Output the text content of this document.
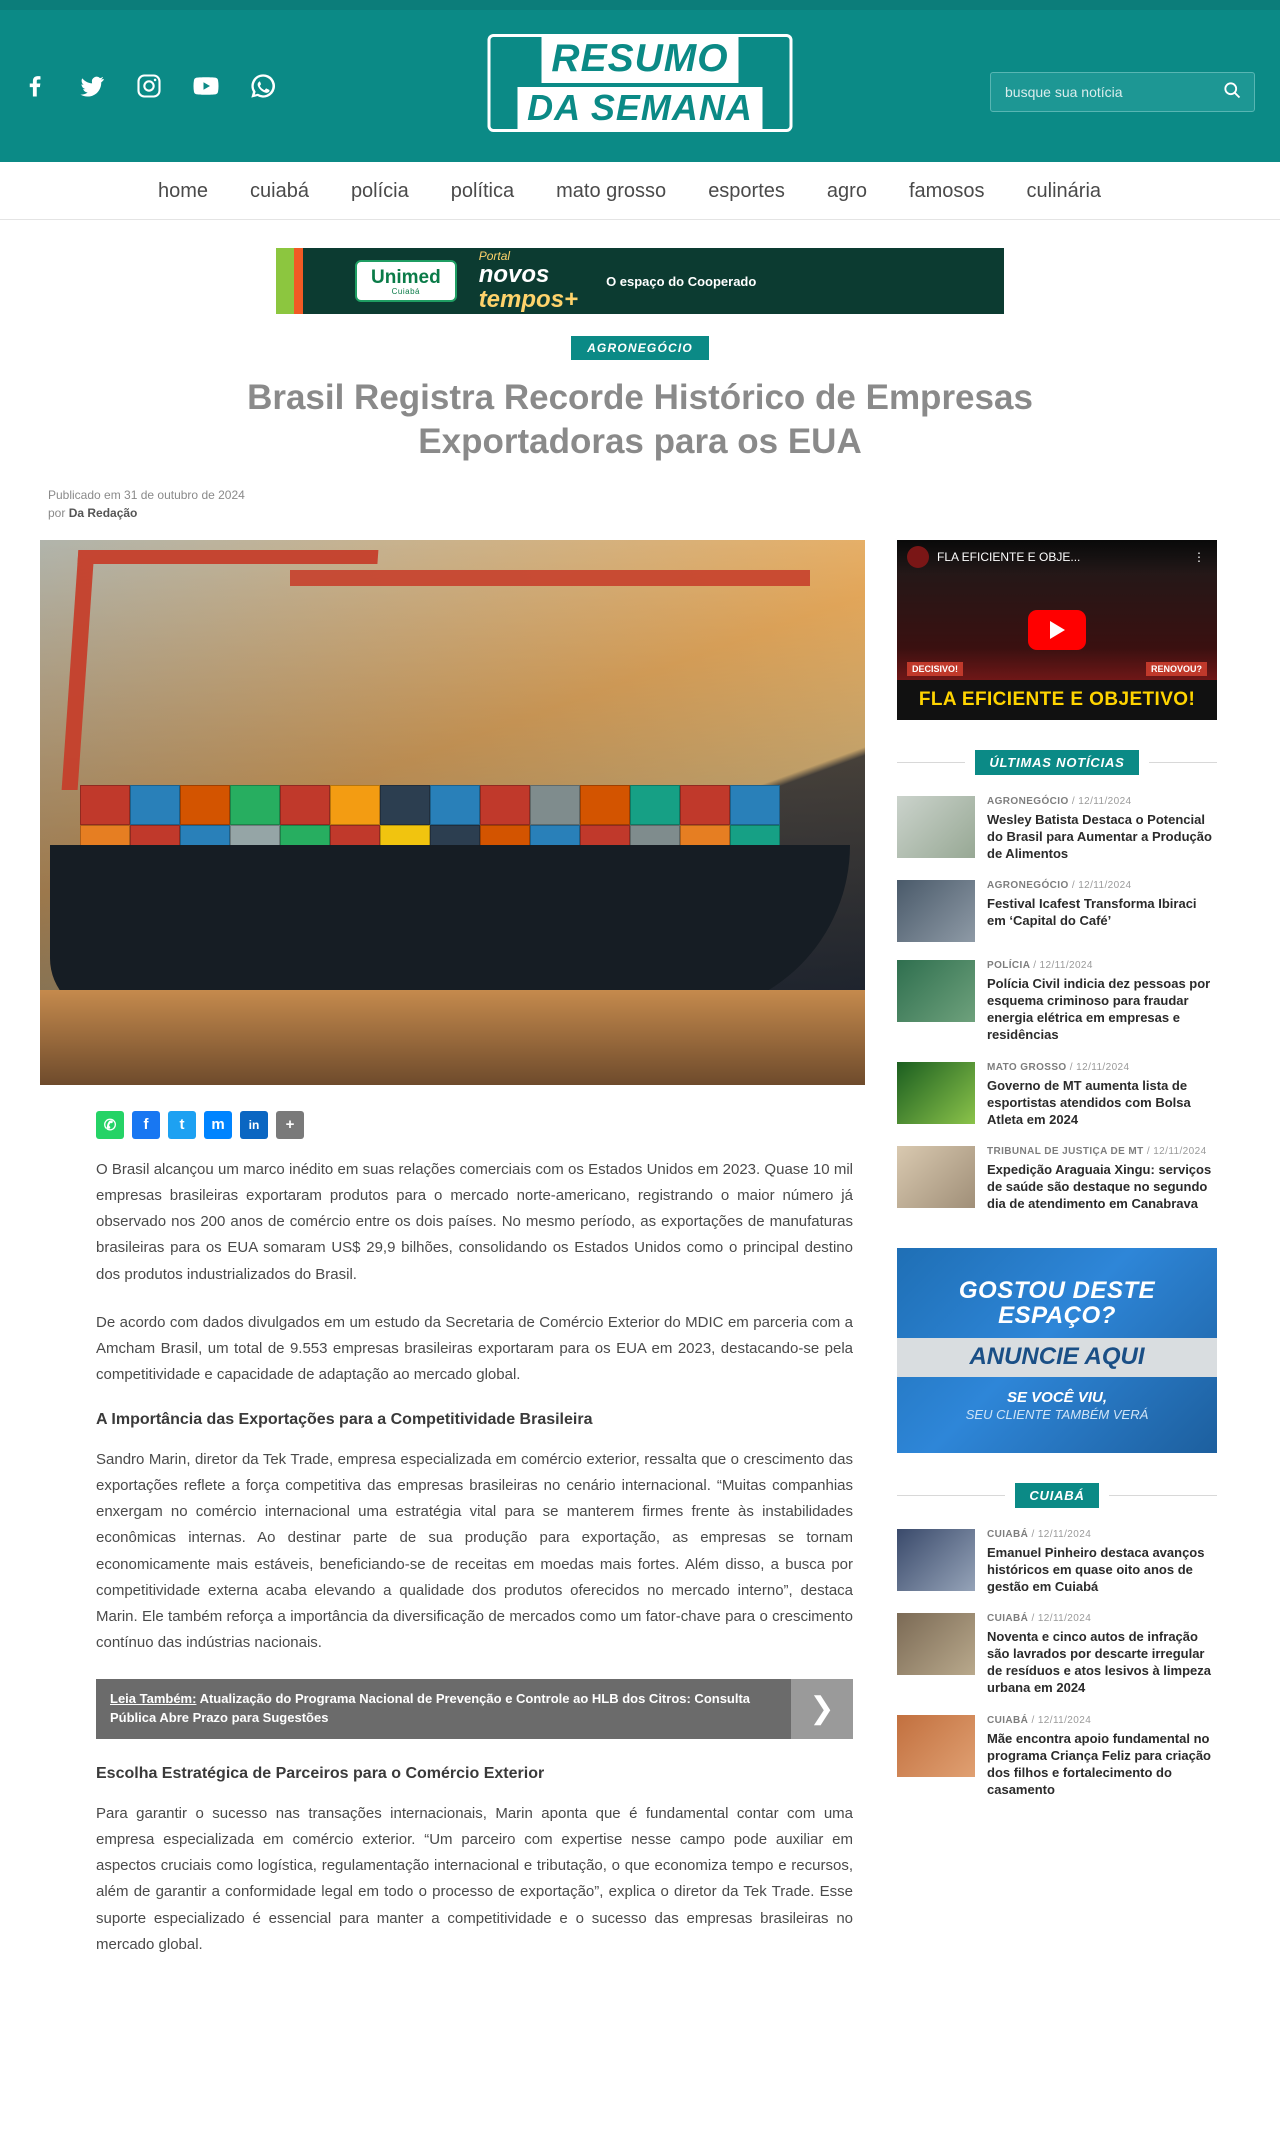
RESUMO
DA SEMANA
busque sua notícia
home	cuiabá	polícia	política	mato grosso	esportes	agro	famosos	culinária
Unimed
Cuiabá
Portal
novos
tempos+
O espaço do Cooperado
AGRONEGÓCIO
Brasil Registra Recorde Histórico de Empresas Exportadoras para os EUA
Publicado em 31 de outubro de 2024
por Da Redação
✆	f	t	m	in	+

O Brasil alcançou um marco inédito em suas relações comerciais com os Estados Unidos em 2023. Quase 10 mil empresas brasileiras exportaram produtos para o mercado norte-americano, registrando o maior número já observado nos 200 anos de comércio entre os dois países. No mesmo período, as exportações de manufaturas brasileiras para os EUA somaram US$ 29,9 bilhões, consolidando os Estados Unidos como o principal destino dos produtos industrializados do Brasil.

De acordo com dados divulgados em um estudo da Secretaria de Comércio Exterior do MDIC em parceria com a Amcham Brasil, um total de 9.553 empresas brasileiras exportaram para os EUA em 2023, destacando-se pela competitividade e capacidade de adaptação ao mercado global.

A Importância das Exportações para a Competitividade Brasileira

Sandro Marin, diretor da Tek Trade, empresa especializada em comércio exterior, ressalta que o crescimento das exportações reflete a força competitiva das empresas brasileiras no cenário internacional. “Muitas companhias enxergam no comércio internacional uma estratégia vital para se manterem firmes frente às instabilidades econômicas internas. Ao destinar parte de sua produção para exportação, as empresas se tornam economicamente mais estáveis, beneficiando-se de receitas em moedas mais fortes. Além disso, a busca por competitividade externa acaba elevando a qualidade dos produtos oferecidos no mercado interno”, destaca Marin. Ele também reforça a importância da diversificação de mercados como um fator-chave para o crescimento contínuo das indústrias nacionais.

Leia Também: Atualização do Programa Nacional de Prevenção e Controle ao HLB dos Citros: Consulta Pública Abre Prazo para Sugestões	❯
Escolha Estratégica de Parceiros para o Comércio Exterior

Para garantir o sucesso nas transações internacionais, Marin aponta que é fundamental contar com uma empresa especializada em comércio exterior. “Um parceiro com expertise nesse campo pode auxiliar em aspectos cruciais como logística, regulamentação internacional e tributação, o que economiza tempo e recursos, além de garantir a conformidade legal em todo o processo de exportação”, explica o diretor da Tek Trade. Esse suporte especializado é essencial para manter a competitividade e o sucesso das empresas brasileiras no mercado global.

FLA EFICIENTE E OBJE...	⋮
DECISIVO!	RENOVOU?
FLA EFICIENTE E OBJETIVO!
ÚLTIMAS NOTÍCIAS
AGRONEGÓCIO / 12/11/2024
Wesley Batista Destaca o Potencial do Brasil para Aumentar a Produção de Alimentos
AGRONEGÓCIO / 12/11/2024
Festival Icafest Transforma Ibiraci em ‘Capital do Café’
POLÍCIA / 12/11/2024
Polícia Civil indicia dez pessoas por esquema criminoso para fraudar energia elétrica em empresas e residências
MATO GROSSO / 12/11/2024
Governo de MT aumenta lista de esportistas atendidos com Bolsa Atleta em 2024
TRIBUNAL DE JUSTIÇA DE MT / 12/11/2024
Expedição Araguaia Xingu: serviços de saúde são destaque no segundo dia de atendimento em Canabrava
GOSTOU DESTE ESPAÇO?
ANUNCIE AQUI
SE VOCÊ VIU,
SEU CLIENTE TAMBÉM VERÁ
CUIABÁ
CUIABÁ / 12/11/2024
Emanuel Pinheiro destaca avanços históricos em quase oito anos de gestão em Cuiabá
CUIABÁ / 12/11/2024
Noventa e cinco autos de infração são lavrados por descarte irregular de resíduos e atos lesivos à limpeza urbana em 2024
CUIABÁ / 12/11/2024
Mãe encontra apoio fundamental no programa Criança Feliz para criação dos filhos e fortalecimento do casamento
